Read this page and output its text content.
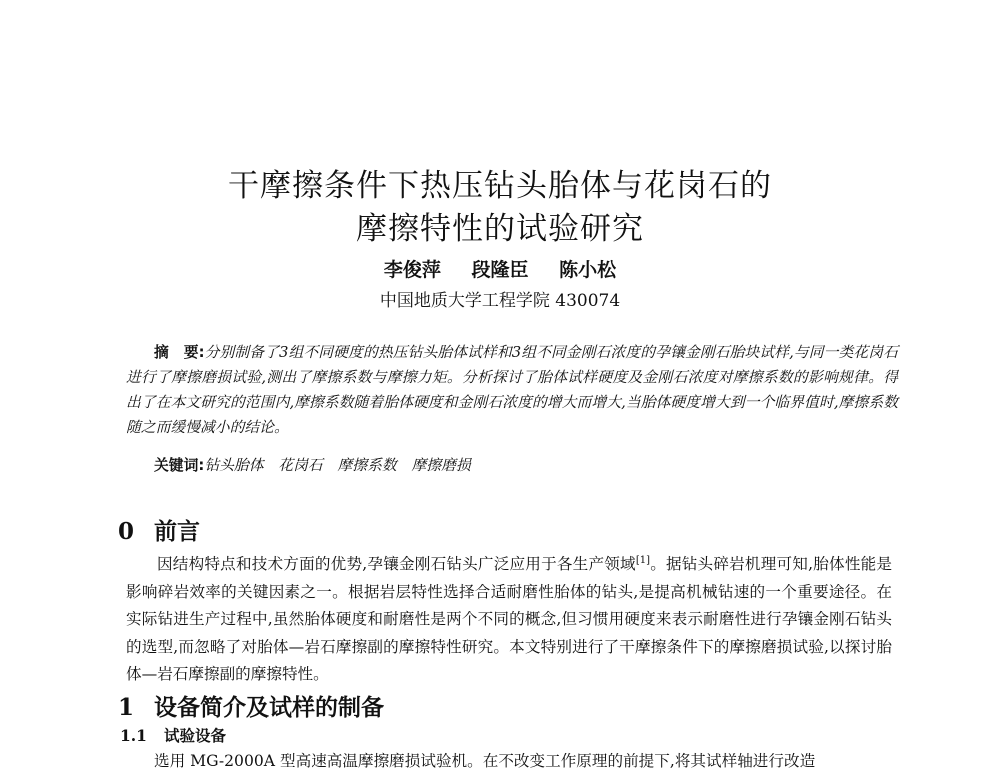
干摩擦条件下热压钻头胎体与花岗石的
摩擦特性的试验研究
李俊萍 段隆臣 陈小松
中国地质大学工程学院 430074
摘　要:分别制备了3组不同硬度的热压钻头胎体试样和3组不同金刚石浓度的孕镶金刚石胎块试样,与同一类花岗石进行了摩擦磨损试验,测出了摩擦系数与摩擦力矩。分析探讨了胎体试样硬度及金刚石浓度对摩擦系数的影响规律。得出了在本文研究的范围内,摩擦系数随着胎体硬度和金刚石浓度的增大而增大,当胎体硬度增大到一个临界值时,摩擦系数随之而缓慢减小的结论。
关键词:钻头胎体　花岗石　摩擦系数　摩擦磨损
0 前言
因结构特点和技术方面的优势,孕镶金刚石钻头广泛应用于各生产领域[1]。据钻头碎岩机理可知,胎体性能是影响碎岩效率的关键因素之一。根据岩层特性选择合适耐磨性胎体的钻头,是提高机械钻速的一个重要途径。在实际钻进生产过程中,虽然胎体硬度和耐磨性是两个不同的概念,但习惯用硬度来表示耐磨性进行孕镶金刚石钻头的选型,而忽略了对胎体—岩石摩擦副的摩擦特性研究。本文特别进行了干摩擦条件下的摩擦磨损试验,以探讨胎体—岩石摩擦副的摩擦特性。
1 设备简介及试样的制备
1.1 试验设备
选用 MG-2000A 型高速高温摩擦磨损试验机。在不改变工作原理的前提下,将其试样轴进行改造
